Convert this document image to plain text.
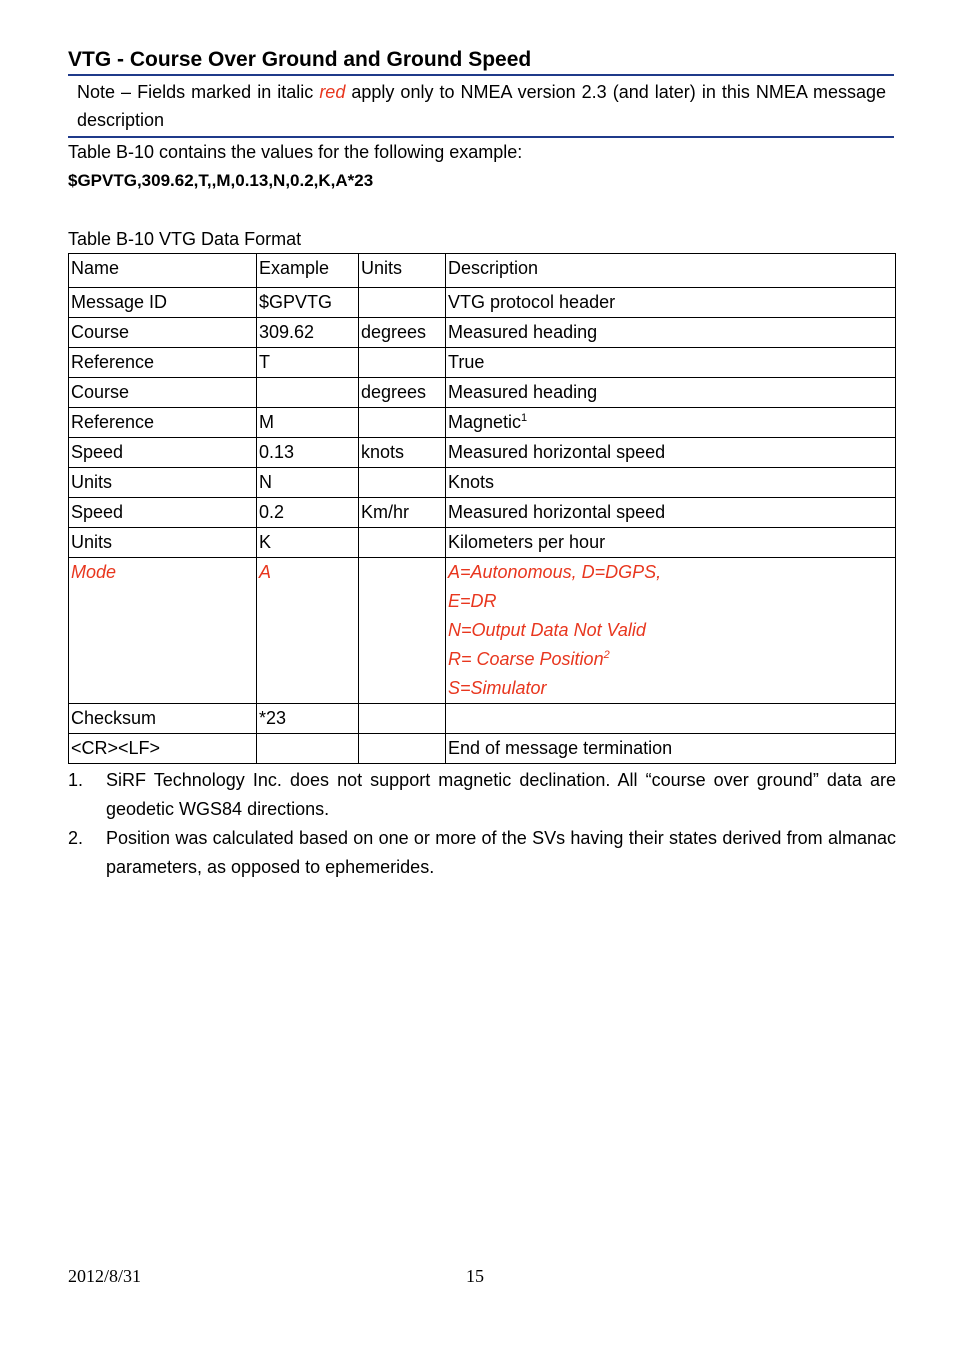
VTG - Course Over Ground and Ground Speed
Note – Fields marked in italic red apply only to NMEA version 2.3 (and later) in this NMEA message description
Table B-10 contains the values for the following example:
$GPVTG,309.62,T,,M,0.13,N,0.2,K,A*23
Table B-10 VTG Data Format
Name	Example	Units	Description
Message ID	$GPVTG		VTG protocol header
Course	309.62	degrees	Measured heading
Reference	T		True
Course		degrees	Measured heading
Reference	M		Magnetic$^1$
Speed	0.13	knots	Measured horizontal speed
Units	N		Knots
Speed	0.2	Km/hr	Measured horizontal speed
Units	K		Kilometers per hour
Mode	A		A=Autonomous, D=DGPS,
E=DR
N=Output Data Not Valid
R= Coarse Position$^2$
S=Simulator

Checksum	*23		
<CR><LF>			End of message termination
1.	SiRF Technology Inc. does not support magnetic declination. All “course over ground” data are geodetic WGS84 directions.
2.	Position was calculated based on one or more of the SVs having their states derived from almanac parameters, as opposed to ephemerides.
2012/8/31	15
